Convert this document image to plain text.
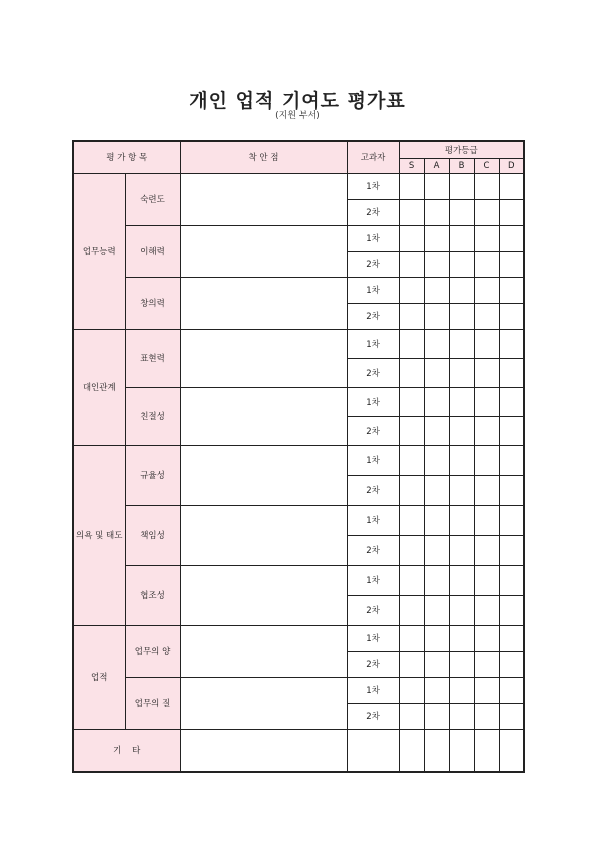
개인 업적 기여도 평가표
(지원 부서)
평 가 항 목		착 안 점	고과자	평가등급				
				S	A	B	C	D
업무능력	숙련도		1차					
			2차					
	이해력		1차					
			2차					
	창의력		1차					
			2차					
대인관계	표현력		1차					
			2차					
	친절성		1차					
			2차					
의욕 및 태도	규율성		1차					
			2차					
	책임성		1차					
			2차					
	협조성		1차					
			2차					
업적	업무의 양		1차					
			2차					
	업무의 질		1차					
			2차					
기    타								
